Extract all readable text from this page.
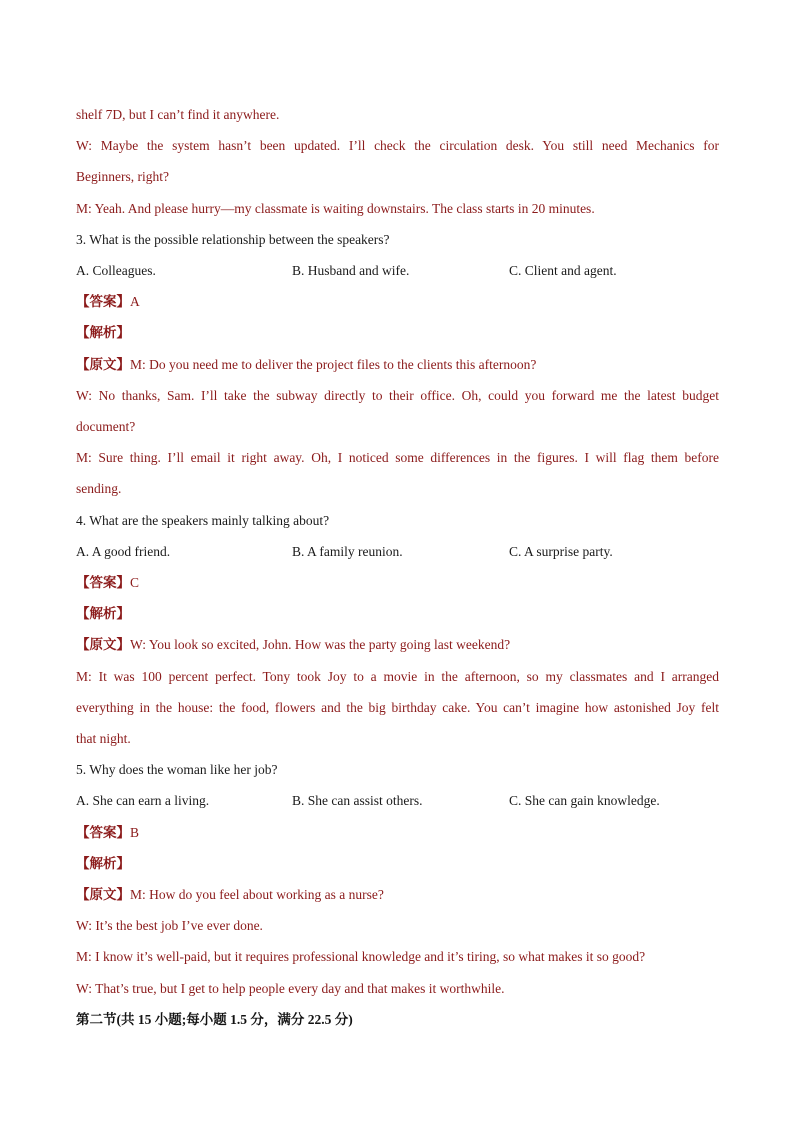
shelf 7D, but I can’t find it anywhere.

W: Maybe the system hasn’t been updated. I’ll check the circulation desk. You still need Mechanics for

Beginners, right?

M: Yeah. And please hurry—my classmate is waiting downstairs. The class starts in 20 minutes.

3. What is the possible relationship between the speakers?

A. Colleagues.	B. Husband and wife.	C. Client and agent.

【答案】A

【解析】

【原文】M: Do you need me to deliver the project files to the clients this afternoon?

W: No thanks, Sam. I’ll take the subway directly to their office. Oh, could you forward me the latest budget

document?

M: Sure thing. I’ll email it right away. Oh, I noticed some differences in the figures. I will flag them before

sending.

4. What are the speakers mainly talking about?

A. A good friend.	B. A family reunion.	C. A surprise party.

【答案】C

【解析】

【原文】W: You look so excited, John. How was the party going last weekend?

M: It was 100 percent perfect. Tony took Joy to a movie in the afternoon, so my classmates and I arranged

everything in the house: the food, flowers and the big birthday cake. You can’t imagine how astonished Joy felt

that night.

5. Why does the woman like her job?

A. She can earn a living.	B. She can assist others.	C. She can gain knowledge.

【答案】B

【解析】

【原文】M: How do you feel about working as a nurse?

W: It’s the best job I’ve ever done.

M: I know it’s well-paid, but it requires professional knowledge and it’s tiring, so what makes it so good?

W: That’s true, but I get to help people every day and that makes it worthwhile.

第二节(共 15 小题;每小题 1.5 分，满分 22.5 分)
